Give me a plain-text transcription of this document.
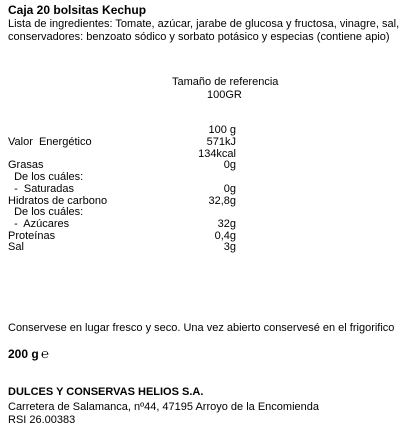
Caja 20 bolsitas Kechup
Lista de ingredientes: Tomate, azúcar, jarabe de glucosa y fructosa, vinagre, sal,
conservadores: benzoato sódico y sorbato potásico y especias (contiene apio)
Tamaño de referencia
100GR
100 g
Valor  Energético	571kJ
134kcal
Grasas	0g
De los cuáles:
-  Saturadas	0g
Hidratos de carbono	32,8g
De los cuáles:
-  Azúcares	32g
Proteínas	0,4g
Sal	3g
Conservese en lugar fresco y seco. Una vez abierto conservesé en el frigorifico
200 g ℮
DULCES Y CONSERVAS HELIOS S.A.
Carretera de Salamanca, nº44, 47195 Arroyo de la Encomienda
RSI 26.00383
